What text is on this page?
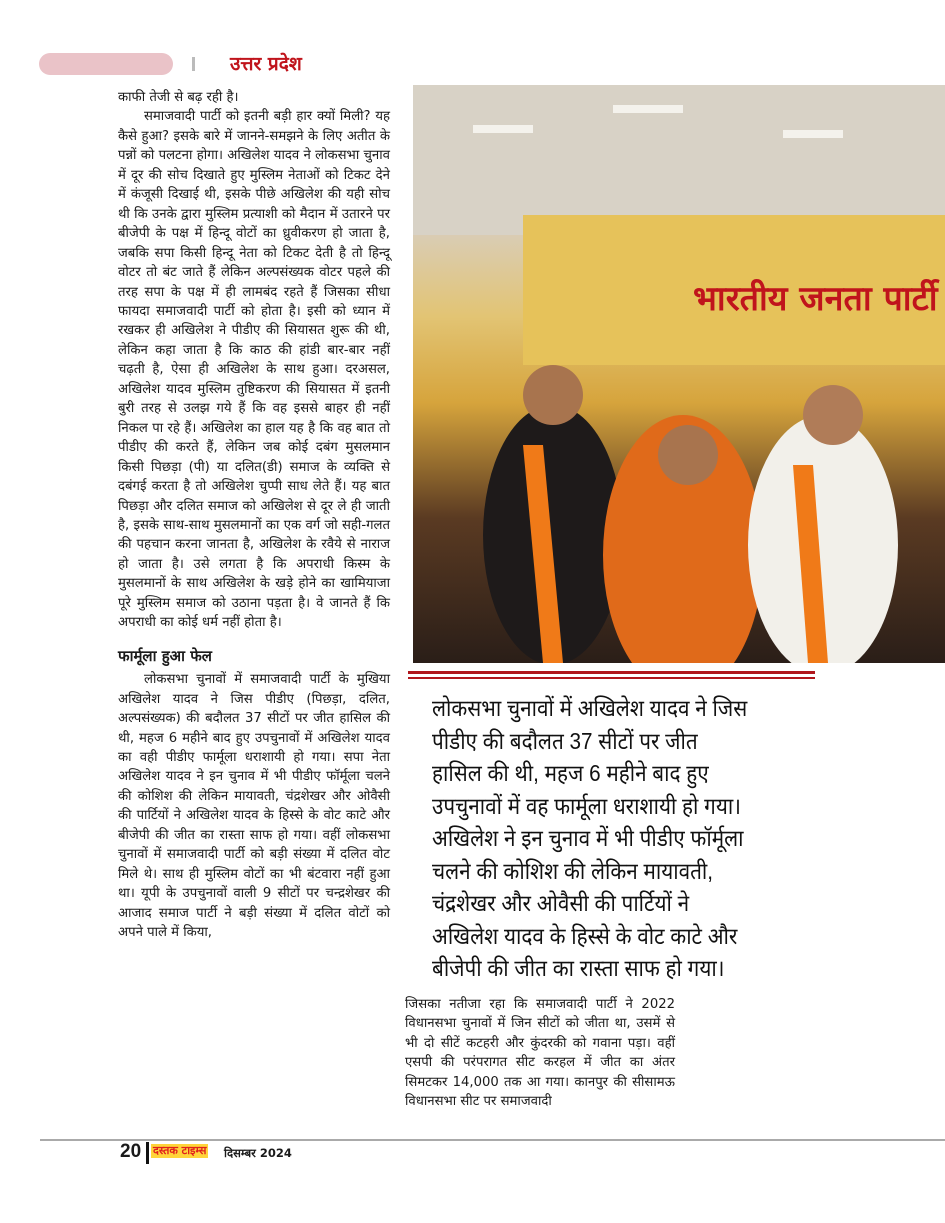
उत्तर प्रदेश

काफी तेजी से बढ़ रही है।

समाजवादी पार्टी को इतनी बड़ी हार क्यों मिली? यह कैसे हुआ? इसके बारे में जानने-समझने के लिए अतीत के पन्नों को पलटना होगा। अखिलेश यादव ने लोकसभा चुनाव में दूर की सोच दिखाते हुए मुस्लिम नेताओं को टिकट देने में कंजूसी दिखाई थी, इसके पीछे अखिलेश की यही सोच थी कि उनके द्वारा मुस्लिम प्रत्याशी को मैदान में उतारने पर बीजेपी के पक्ष में हिन्दू वोटों का ध्रुवीकरण हो जाता है, जबकि सपा किसी हिन्दू नेता को टिकट देती है तो हिन्दू वोटर तो बंट जाते हैं लेकिन अल्पसंख्यक वोटर पहले की तरह सपा के पक्ष में ही लामबंद रहते हैं जिसका सीधा फायदा समाजवादी पार्टी को होता है। इसी को ध्यान में रखकर ही अखिलेश ने पीडीए की सियासत शुरू की थी, लेकिन कहा जाता है कि काठ की हांडी बार-बार नहीं चढ़ती है, ऐसा ही अखिलेश के साथ हुआ। दरअसल, अखिलेश यादव मुस्लिम तुष्टिकरण की सियासत में इतनी बुरी तरह से उलझ गये हैं कि वह इससे बाहर ही नहीं निकल पा रहे हैं। अखिलेश का हाल यह है कि वह बात तो पीडीए की करते हैं, लेकिन जब कोई दबंग मुसलमान किसी पिछड़ा (पी) या दलित(डी) समाज के व्यक्ति से दबंगई करता है तो अखिलेश चुप्पी साध लेते हैं। यह बात पिछड़ा और दलित समाज को अखिलेश से दूर ले ही जाती है, इसके साथ-साथ मुसलमानों का एक वर्ग जो सही-गलत की पहचान करना जानता है, अखिलेश के रवैये से नाराज हो जाता है। उसे लगता है कि अपराधी किस्म के मुसलमानों के साथ अखिलेश के खड़े होने का खामियाजा पूरे मुस्लिम समाज को उठाना पड़ता है। वे जानते हैं कि अपराधी का कोई धर्म नहीं होता है।

फार्मूला हुआ फेल

लोकसभा चुनावों में समाजवादी पार्टी के मुखिया अखिलेश यादव ने जिस पीडीए (पिछड़ा, दलित, अल्पसंख्यक) की बदौलत 37 सीटों पर जीत हासिल की थी, महज 6 महीने बाद हुए उपचुनावों में अखिलेश यादव का वही पीडीए फार्मूला धराशायी हो गया। सपा नेता अखिलेश यादव ने इन चुनाव में भी पीडीए फॉर्मूला चलने की कोशिश की लेकिन मायावती, चंद्रशेखर और ओवैसी की पार्टियों ने अखिलेश यादव के हिस्से के वोट काटे और बीजेपी की जीत का रास्ता साफ हो गया। वहीं लोकसभा चुनावों में समाजवादी पार्टी को बड़ी संख्या में दलित वोट मिले थे। साथ ही मुस्लिम वोटों का भी बंटवारा नहीं हुआ था। यूपी के उपचुनावों वाली 9 सीटों पर चन्द्रशेखर की आजाद समाज पार्टी ने बड़ी संख्या में दलित वोटों को अपने पाले में किया,

भारतीय जनता पार्टी
लोकसभा चुनावों में अखिलेश यादव ने जिस
पीडीए की बदौलत 37 सीटों पर जीत
हासिल की थी, महज 6 महीने बाद हुए
उपचुनावों में वह फार्मूला धराशायी हो गया।
अखिलेश ने इन चुनाव में भी पीडीए फॉर्मूला
चलने की कोशिश की लेकिन मायावती,
चंद्रशेखर और ओवैसी की पार्टियों ने
अखिलेश यादव के हिस्से के वोट काटे और
बीजेपी की जीत का रास्ता साफ हो गया।

जिसका नतीजा रहा कि समाजवादी पार्टी ने 2022 विधानसभा चुनावों में जिन सीटों को जीता था, उसमें से भी दो सीटें कटहरी और कुंदरकी को गवाना पड़ा। वहीं एसपी की परंपरागत सीट करहल में जीत का अंतर सिमटकर 14,000 तक आ गया। कानपुर की सीसामऊ विधानसभा सीट पर समाजवादी

20 दस्तक टाइम्स दिसम्बर 2024
